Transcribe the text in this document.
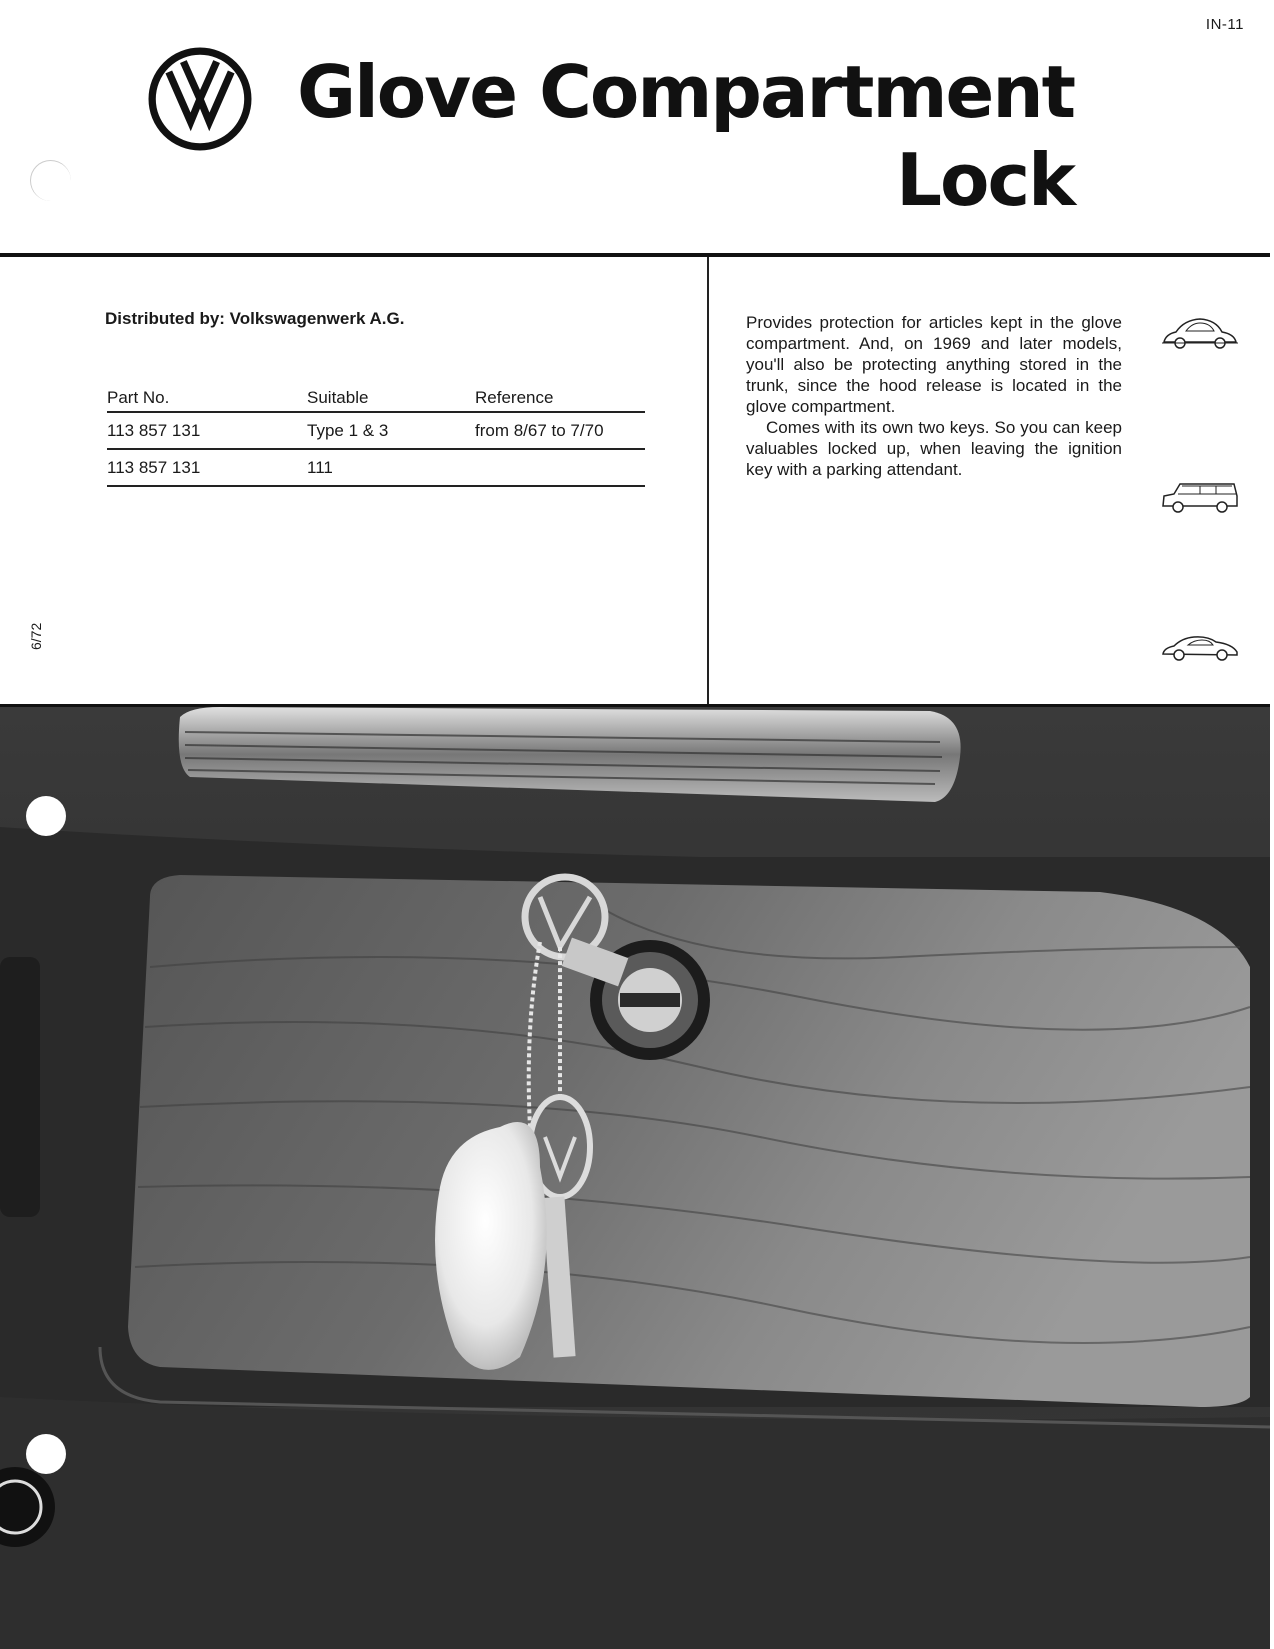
IN-11
Glove Compartment
Lock
6/72
Distributed by: Volkswagenwerk A.G.
Part No.	Suitable	Reference
113 857 131	Type 1 & 3	from 8/67 to 7/70
113 857 131	111	

Provides protection for articles kept in the glove compartment. And, on 1969 and later models, you'll also be protecting anything stored in the trunk, since the hood release is located in the glove compartment.

Comes with its own two keys. So you can keep valuables locked up, when leaving the ignition key with a parking attendant.
